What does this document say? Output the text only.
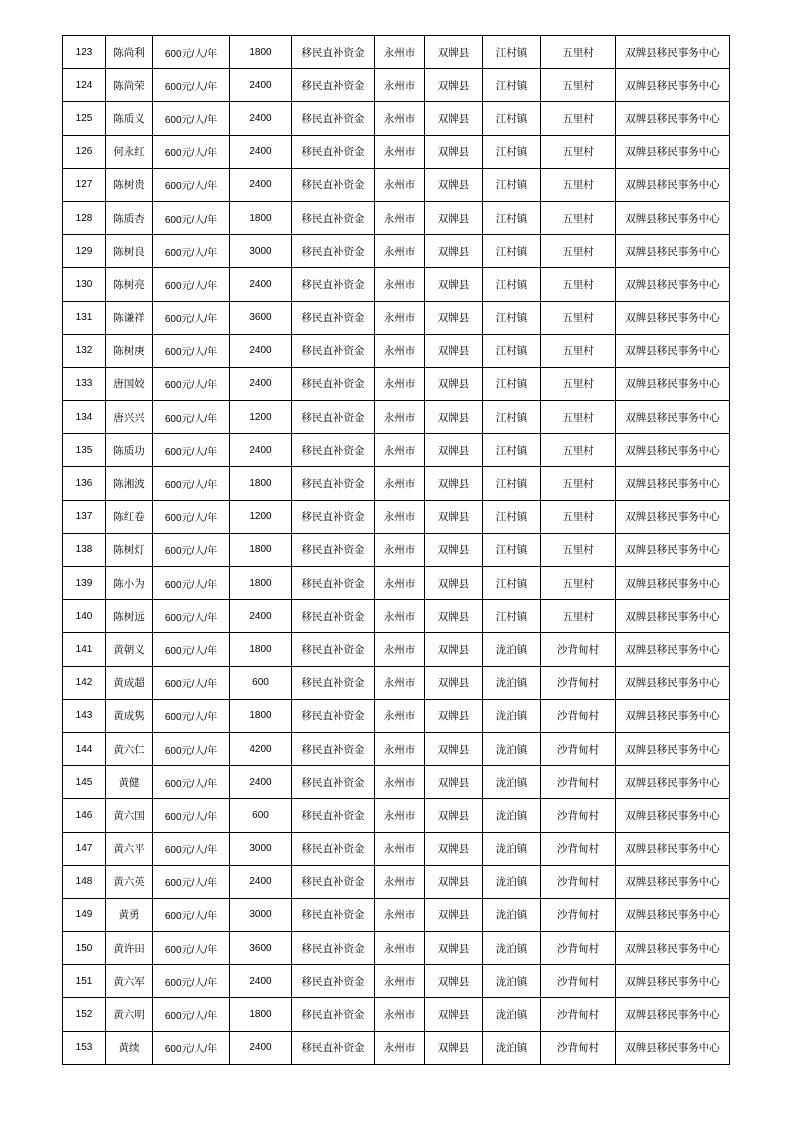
123	陈尚利	600元/人/年	1800	移民直补资金	永州市	双牌县	江村镇	五里村	双牌县移民事务中心
124	陈尚荣	600元/人/年	2400	移民直补资金	永州市	双牌县	江村镇	五里村	双牌县移民事务中心
125	陈质义	600元/人/年	2400	移民直补资金	永州市	双牌县	江村镇	五里村	双牌县移民事务中心
126	何永红	600元/人/年	2400	移民直补资金	永州市	双牌县	江村镇	五里村	双牌县移民事务中心
127	陈树贵	600元/人/年	2400	移民直补资金	永州市	双牌县	江村镇	五里村	双牌县移民事务中心
128	陈质杏	600元/人/年	1800	移民直补资金	永州市	双牌县	江村镇	五里村	双牌县移民事务中心
129	陈树良	600元/人/年	3000	移民直补资金	永州市	双牌县	江村镇	五里村	双牌县移民事务中心
130	陈树亮	600元/人/年	2400	移民直补资金	永州市	双牌县	江村镇	五里村	双牌县移民事务中心
131	陈谦祥	600元/人/年	3600	移民直补资金	永州市	双牌县	江村镇	五里村	双牌县移民事务中心
132	陈树庚	600元/人/年	2400	移民直补资金	永州市	双牌县	江村镇	五里村	双牌县移民事务中心
133	唐国姣	600元/人/年	2400	移民直补资金	永州市	双牌县	江村镇	五里村	双牌县移民事务中心
134	唐兴兴	600元/人/年	1200	移民直补资金	永州市	双牌县	江村镇	五里村	双牌县移民事务中心
135	陈质功	600元/人/年	2400	移民直补资金	永州市	双牌县	江村镇	五里村	双牌县移民事务中心
136	陈湘波	600元/人/年	1800	移民直补资金	永州市	双牌县	江村镇	五里村	双牌县移民事务中心
137	陈红卷	600元/人/年	1200	移民直补资金	永州市	双牌县	江村镇	五里村	双牌县移民事务中心
138	陈树灯	600元/人/年	1800	移民直补资金	永州市	双牌县	江村镇	五里村	双牌县移民事务中心
139	陈小为	600元/人/年	1800	移民直补资金	永州市	双牌县	江村镇	五里村	双牌县移民事务中心
140	陈树远	600元/人/年	2400	移民直补资金	永州市	双牌县	江村镇	五里村	双牌县移民事务中心
141	黄朝义	600元/人/年	1800	移民直补资金	永州市	双牌县	泷泊镇	沙背甸村	双牌县移民事务中心
142	黄成超	600元/人/年	600	移民直补资金	永州市	双牌县	泷泊镇	沙背甸村	双牌县移民事务中心
143	黄成隽	600元/人/年	1800	移民直补资金	永州市	双牌县	泷泊镇	沙背甸村	双牌县移民事务中心
144	黄六仁	600元/人/年	4200	移民直补资金	永州市	双牌县	泷泊镇	沙背甸村	双牌县移民事务中心
145	黄健	600元/人/年	2400	移民直补资金	永州市	双牌县	泷泊镇	沙背甸村	双牌县移民事务中心
146	黄六国	600元/人/年	600	移民直补资金	永州市	双牌县	泷泊镇	沙背甸村	双牌县移民事务中心
147	黄六平	600元/人/年	3000	移民直补资金	永州市	双牌县	泷泊镇	沙背甸村	双牌县移民事务中心
148	黄六英	600元/人/年	2400	移民直补资金	永州市	双牌县	泷泊镇	沙背甸村	双牌县移民事务中心
149	黄勇	600元/人/年	3000	移民直补资金	永州市	双牌县	泷泊镇	沙背甸村	双牌县移民事务中心
150	黄许田	600元/人/年	3600	移民直补资金	永州市	双牌县	泷泊镇	沙背甸村	双牌县移民事务中心
151	黄六军	600元/人/年	2400	移民直补资金	永州市	双牌县	泷泊镇	沙背甸村	双牌县移民事务中心
152	黄六明	600元/人/年	1800	移民直补资金	永州市	双牌县	泷泊镇	沙背甸村	双牌县移民事务中心
153	黄续	600元/人/年	2400	移民直补资金	永州市	双牌县	泷泊镇	沙背甸村	双牌县移民事务中心
